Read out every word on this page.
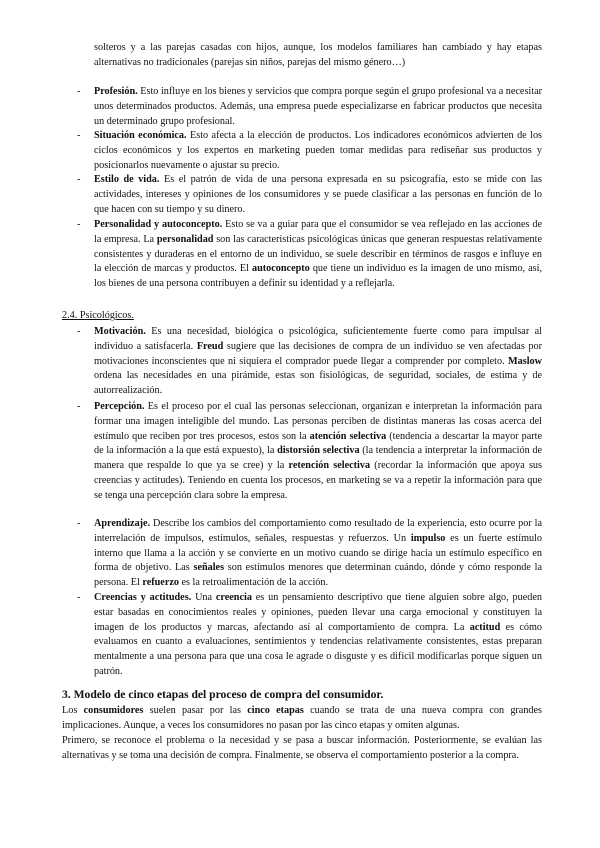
solteros y a las parejas casadas con hijos, aunque, los modelos familiares han cambiado y hay etapas alternativas no tradicionales (parejas sin niños, parejas del mismo género…)
- Profesión. Esto influye en los bienes y servicios que compra porque según el grupo profesional va a necesitar unos determinados productos. Además, una empresa puede especializarse en fabricar productos que necesita un determinado grupo profesional.
- Situación económica. Esto afecta a la elección de productos. Los indicadores económicos advierten de los ciclos económicos y los expertos en marketing pueden tomar medidas para rediseñar sus productos y posicionarlos nuevamente o ajustar su precio.
- Estilo de vida. Es el patrón de vida de una persona expresada en su psicografía, esto se mide con las actividades, intereses y opiniones de los consumidores y se puede clasificar a las personas en función de lo que hacen con su tiempo y su dinero.
- Personalidad y autoconcepto. Esto se va a guiar para que el consumidor se vea reflejado en las acciones de la empresa. La personalidad son las características psicológicas únicas que generan respuestas relativamente consistentes y duraderas en el entorno de un individuo, se suele describir en términos de rasgos e influye en la elección de marcas y productos. El autoconcepto que tiene un individuo es la imagen de uno mismo, así, los bienes de una persona contribuyen a definir su identidad y a reflejarla.
2.4. Psicológicos.
- Motivación. Es una necesidad, biológica o psicológica, suficientemente fuerte como para impulsar al individuo a satisfacerla. Freud sugiere que las decisiones de compra de un individuo se ven afectadas por motivaciones inconscientes que ni siquiera el comprador puede llegar a comprender por completo. Maslow ordena las necesidades en una pirámide, estas son fisiológicas, de seguridad, sociales, de estima y de autorrealización.
- Percepción. Es el proceso por el cual las personas seleccionan, organizan e interpretan la información para formar una imagen inteligible del mundo. Las personas perciben de distintas maneras las cosas acerca del estímulo que reciben por tres procesos, estos son la atención selectiva (tendencia a descartar la mayor parte de la información a la que está expuesto), la distorsión selectiva (la tendencia a interpretar la información de manera que respalde lo que ya se cree) y la retención selectiva (recordar la información que apoya sus creencias y actitudes). Teniendo en cuenta los procesos, en marketing se va a repetir la información para que se tenga una percepción clara sobre la empresa.
- Aprendizaje. Describe los cambios del comportamiento como resultado de la experiencia, esto ocurre por la interrelación de impulsos, estímulos, señales, respuestas y refuerzos. Un impulso es un fuerte estímulo interno que llama a la acción y se convierte en un motivo cuando se dirige hacia un estímulo específico en forma de objetivo. Las señales son estímulos menores que determinan cuándo, dónde y cómo responde la persona. El refuerzo es la retroalimentación de la acción.
- Creencias y actitudes. Una creencia es un pensamiento descriptivo que tiene alguien sobre algo, pueden estar basadas en conocimientos reales y opiniones, pueden llevar una carga emocional y constituyen la imagen de los productos y marcas, afectando así al comportamiento de compra. La actitud es cómo evaluamos en cuanto a evaluaciones, sentimientos y tendencias relativamente consistentes, estas preparan mentalmente a una persona para que una cosa le agrade o disguste y es difícil modificarlas porque siguen un patrón.
3. Modelo de cinco etapas del proceso de compra del consumidor.
Los consumidores suelen pasar por las cinco etapas cuando se trata de una nueva compra con grandes implicaciones. Aunque, a veces los consumidores no pasan por las cinco etapas y omiten algunas.
Primero, se reconoce el problema o la necesidad y se pasa a buscar información. Posteriormente, se evalúan las alternativas y se toma una decisión de compra. Finalmente, se observa el comportamiento posterior a la compra.
